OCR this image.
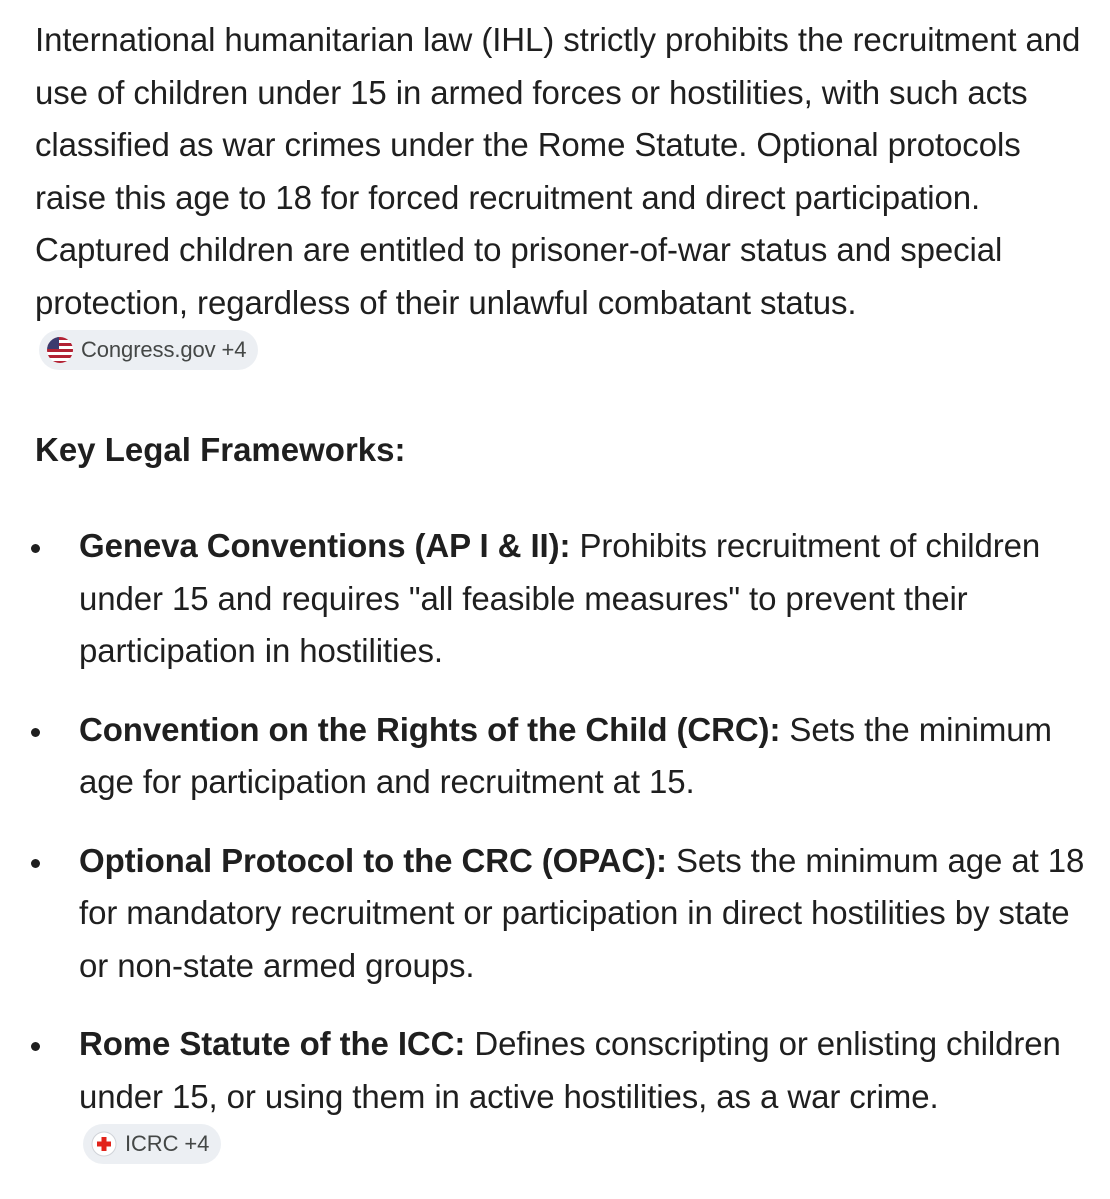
International humanitarian law (IHL) strictly prohibits the recruitment and use of children under 15 in armed forces or hostilities, with such acts classified as war crimes under the Rome Statute. Optional protocols raise this age to 18 for forced recruitment and direct participation. Captured children are entitled to prisoner-of-war status and special protection, regardless of their unlawful combatant status.
Congress.gov +4

Key Legal Frameworks:
Geneva Conventions (AP I & II): Prohibits recruitment of children under 15 and requires "all feasible measures" to prevent their participation in hostilities.
Convention on the Rights of the Child (CRC): Sets the minimum age for participation and recruitment at 15.
Optional Protocol to the CRC (OPAC): Sets the minimum age at 18 for mandatory recruitment or participation in direct hostilities by state or non-state armed groups.
Rome Statute of the ICC: Defines conscripting or enlisting children under 15, or using them in active hostilities, as a war crime.
ICRC +4
